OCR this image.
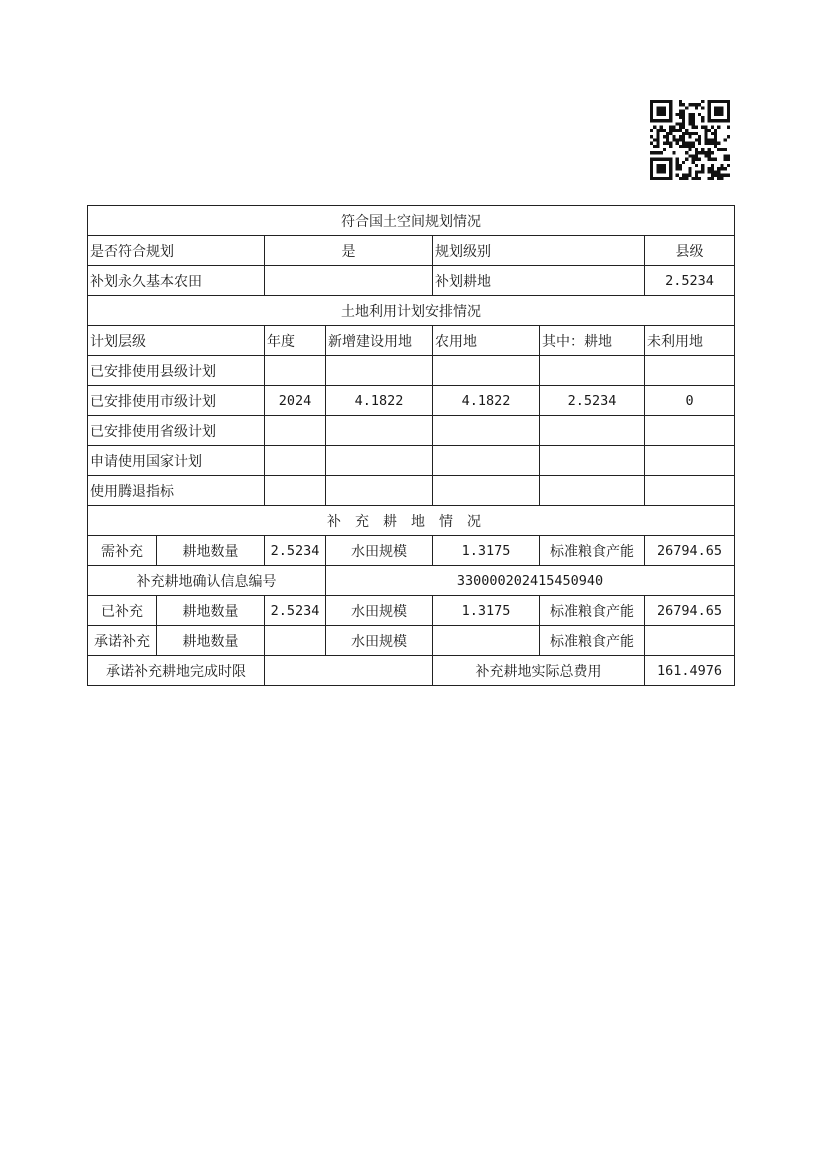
符合国土空间规划情况						
是否符合规划		是		规划级别		县级
补划永久基本农田				补划耕地		2.5234
土地利用计划安排情况						
计划层级		年度	新增建设用地	农用地	其中：耕地	未利用地
已安排使用县级计划						
已安排使用市级计划		2024	4.1822	4.1822	2.5234	0
已安排使用省级计划						
申请使用国家计划						
使用腾退指标						
补充耕地情况						
需补充	耕地数量	2.5234	水田规模	1.3175	标准粮食产能	26794.65
补充耕地确认信息编号			330000202415450940			
已补充	耕地数量	2.5234	水田规模	1.3175	标准粮食产能	26794.65
承诺补充	耕地数量		水田规模		标准粮食产能	
承诺补充耕地完成时限				补充耕地实际总费用		161.4976
